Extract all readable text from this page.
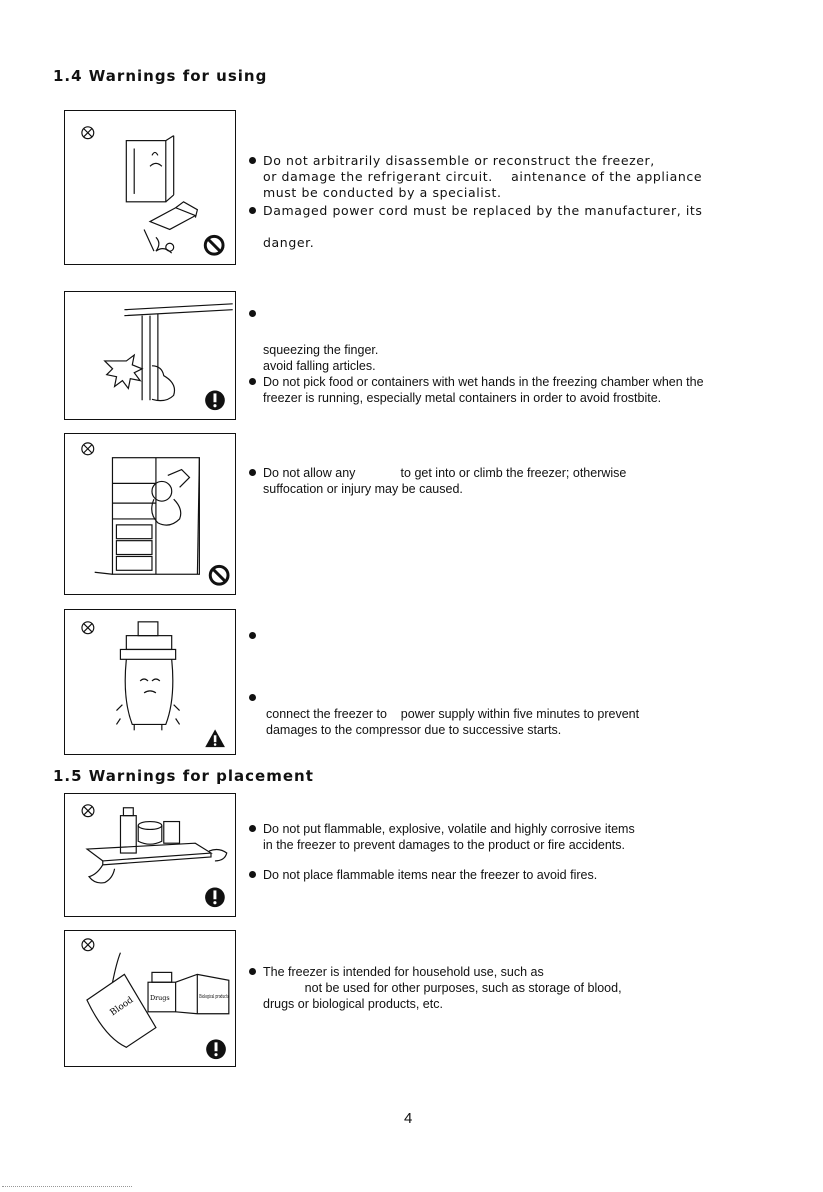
1.4 Warnings for using

Do not arbitrarily disassemble or reconstruct the freezer,

or damage the refrigerant circuit.    aintenance of the appliance

must be conducted by a specialist.

Damaged power cord must be replaced by the manufacturer, its

danger.

squeezing the finger.

avoid falling articles.

Do not pick food or containers with wet hands in the freezing chamber when the

freezer is running, especially metal containers in order to avoid frostbite.

Do not allow any             to get into or climb the freezer; otherwise

suffocation or injury may be caused.

connect the freezer to    power supply within five minutes to prevent

damages to the compressor due to successive starts.

1.5 Warnings for placement

Do not put flammable, explosive, volatile and highly corrosive items

in the freezer to prevent damages to the product or fire accidents.

Do not place flammable items near the freezer to avoid fires.

Blood Drugs	Biological products

The freezer is intended for household use, such as

not be used for other purposes, such as storage of blood,

drugs or biological products, etc.

4
